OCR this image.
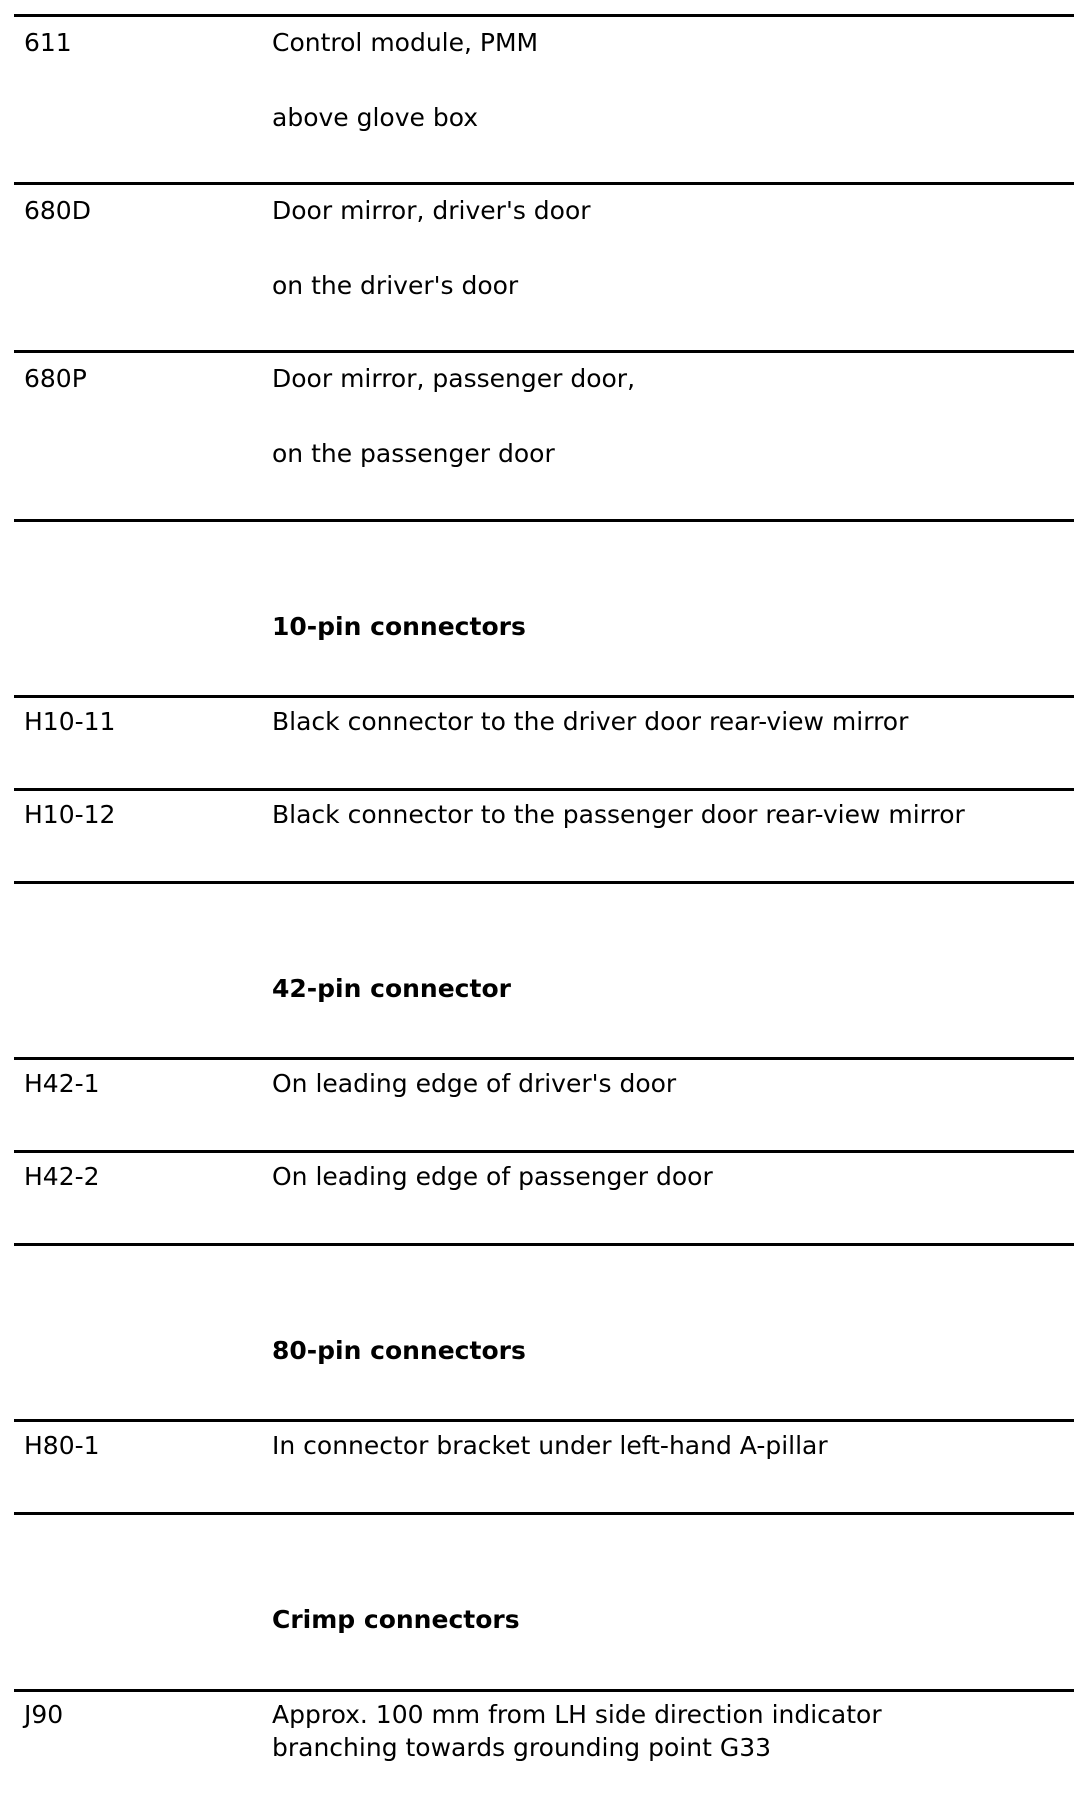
611	Control module, PMM
above glove box
680D	Door mirror, driver's door
on the driver's door
680P	Door mirror, passenger door,
on the passenger door
10-pin connectors
H10-11	Black connector to the driver door rear-view mirror
H10-12	Black connector to the passenger door rear-view mirror
42-pin connector
H42-1	On leading edge of driver's door
H42-2	On leading edge of passenger door
80-pin connectors
H80-1	In connector bracket under left-hand A-pillar
Crimp connectors
J90	Approx. 100 mm from LH side direction indicator
branching towards grounding point G33
